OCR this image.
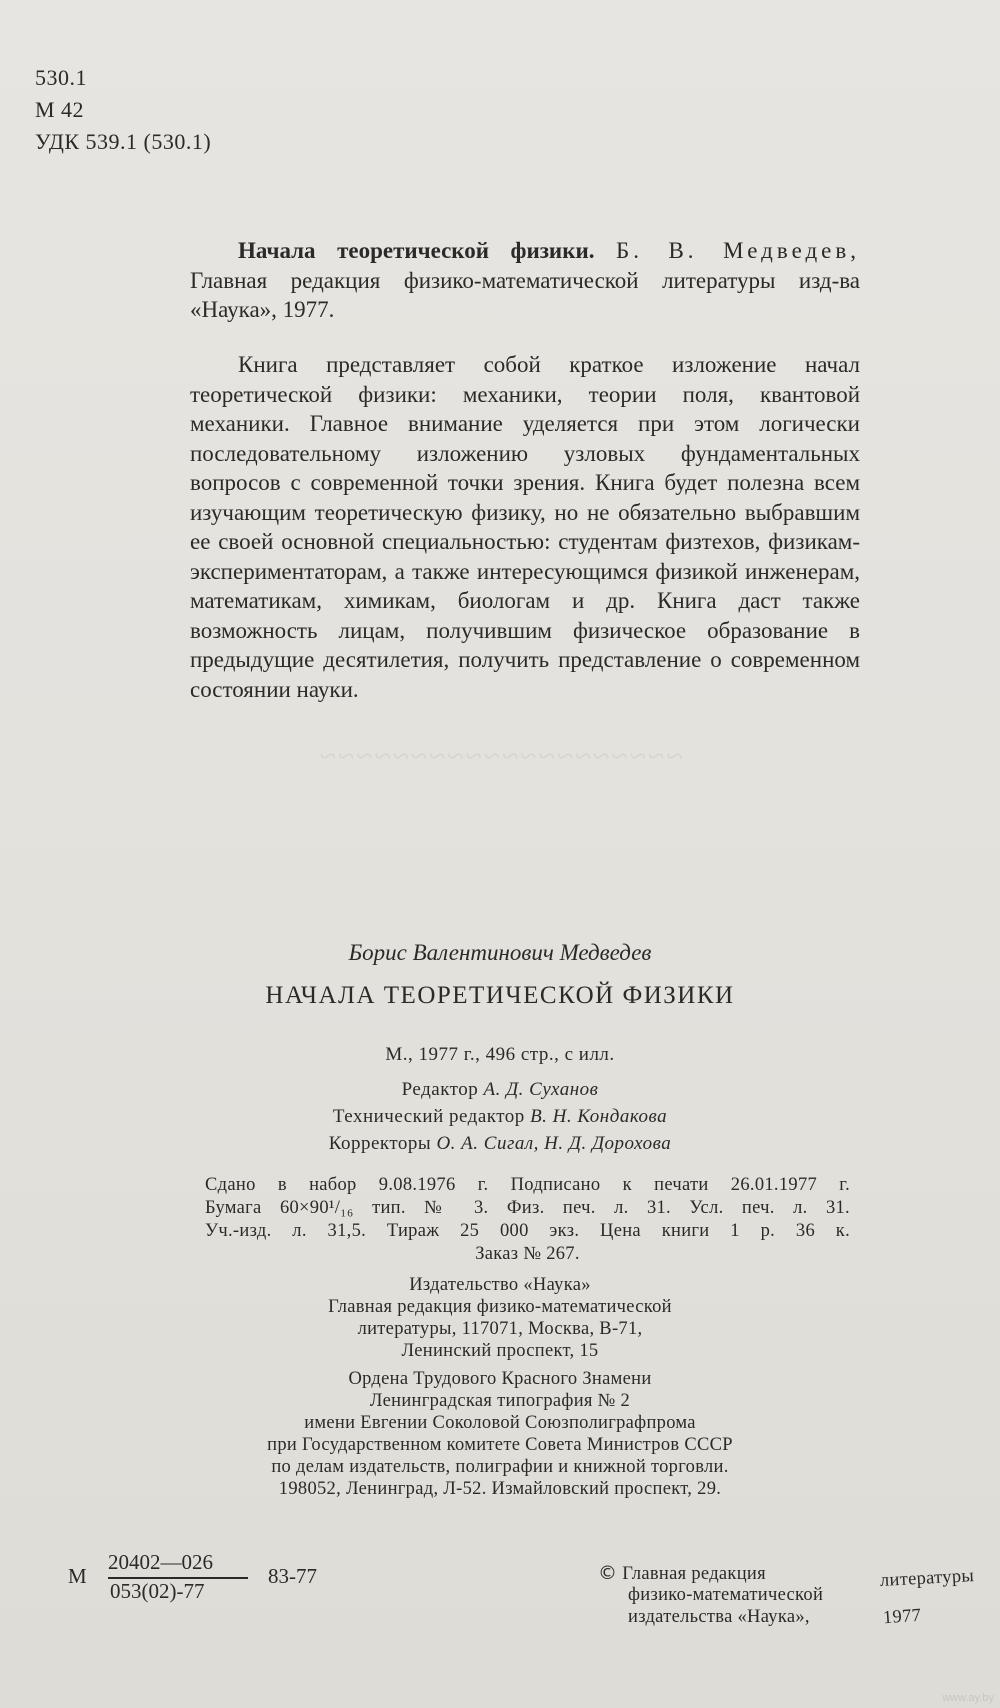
~~~~~~~~~~~~~~~~~~~~
530.1
М 42
УДК 539.1 (530.1)
Начала теоретической физики. Б. В. Медведев, Главная редакция физико-математической литературы изд-ва «Наука», 1977.
Книга представляет собой краткое изложение начал теоретической физики: механики, теории поля, квантовой механики. Главное внимание уделяется при этом логически последовательному изложению узловых фундаментальных вопросов с современной точки зрения. Книга будет полезна всем изучающим теоретическую физику, но не обязательно выбравшим ее своей основной специальностью: студентам физтехов, физикам-экспериментаторам, а также интересующимся физикой инженерам, математикам, химикам, биологам и др. Книга даст также возможность лицам, получившим физическое образование в предыдущие десятилетия, получить представление о современном состоянии науки.
Борис Валентинович Медведев
НАЧАЛА ТЕОРЕТИЧЕСКОЙ ФИЗИКИ
М., 1977 г., 496 стр., с илл.
Редактор А. Д. Суханов
Технический редактор В. Н. Кондакова
Корректоры О. А. Сигал, Н. Д. Дорохова
Сдано в набор 9.08.1976 г. Подписано к печати 26.01.1977 г.
Бумага 60×90¹/₁₆ тип. № 3. Физ. печ. л. 31. Усл. печ. л. 31.
Уч.-изд. л. 31,5. Тираж 25 000 экз. Цена книги 1 р. 36 к.
Заказ № 267.
Издательство «Наука»
Главная редакция физико-математической
литературы, 117071, Москва, В-71,
Ленинский проспект, 15
Ордена Трудового Красного Знамени
Ленинградская типография № 2
имени Евгении Соколовой Союзполиграфпрома
при Государственном комитете Совета Министров СССР
по делам издательств, полиграфии и книжной торговли.
198052, Ленинград, Л-52. Измайловский проспект, 29.
М
20402—026
053(02)-77
83-77	© Главная редакция
физико-математической
литературы
издательства «Наука»,	1977
www.ay.by
